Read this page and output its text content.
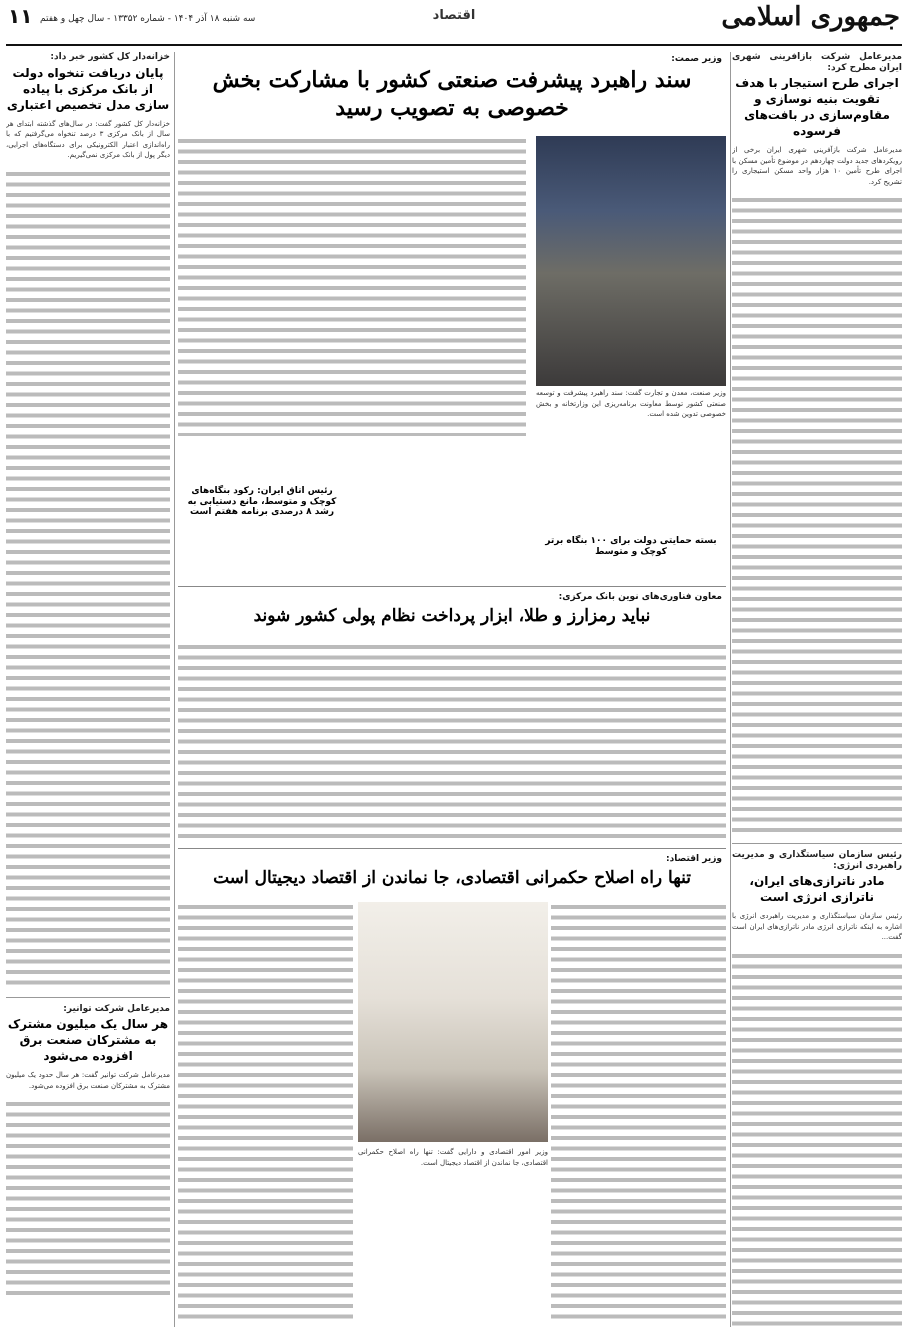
جمهوری اسلامی
اقتصاد
سه شنبه ۱۸ آذر ۱۴۰۴ - شماره ۱۳۳۵۲ - سال چهل و هفتم
۱۱
مدیرعامل شرکت بازآفرینی شهری ایران مطرح کرد:
اجرای طرح استیجار با هدف تقویت بنیه نوسازی و مقاوم‌سازی در بافت‌های فرسوده
مدیرعامل شرکت بازآفرینی شهری ایران برخی از رویکردهای جدید دولت چهاردهم در موضوع تأمین مسکن با اجرای طرح تأمین ۱۰ هزار واحد مسکن استیجاری را تشریح کرد.
رئیس سازمان سیاستگذاری و مدیریت راهبردی انرژی:
مادر ناترازی‌های ایران، ناترازی انرژی است
رئیس سازمان سیاستگذاری و مدیریت راهبردی انرژی با اشاره به اینکه ناترازی انرژی مادر ناترازی‌های ایران است گفت...
خزانه‌دار کل کشور خبر داد:
پایان دریافت تنخواه دولت از بانک مرکزی با پیاده سازی مدل تخصیص اعتباری
خزانه‌دار کل کشور گفت: در سال‌های گذشته ابتدای هر سال از بانک مرکزی ۳ درصد تنخواه می‌گرفتیم که با راه‌اندازی اعتبار الکترونیکی برای دستگاه‌های اجرایی، دیگر پول از بانک مرکزی نمی‌گیریم.
مدیرعامل شرکت توانیر:
هر سال یک میلیون مشترک به مشترکان صنعت برق افزوده می‌شود
مدیرعامل شرکت توانیر گفت: هر سال حدود یک میلیون مشترک به مشترکان صنعت برق افزوده می‌شود.
وزیر صمت:
سند راهبرد پیشرفت صنعتی کشور با مشارکت بخش خصوصی به تصویب رسید
وزیر صنعت، معدن و تجارت گفت: سند راهبرد پیشرفت و توسعه صنعتی کشور توسط معاونت برنامه‌ریزی این وزارتخانه و بخش خصوصی تدوین شده است.
بسته حمایتی دولت برای ۱۰۰ بنگاه برتر کوچک و متوسط
رئیس اتاق ایران: رکود بنگاه‌های کوچک و متوسط، مانع دستیابی به رشد ۸ درصدی برنامه هفتم است
معاون فناوری‌های نوین بانک مرکزی:
نباید رمزارز و طلا، ابزار پرداخت نظام پولی کشور شوند
وزیر اقتصاد:
تنها راه اصلاح حکمرانی اقتصادی، جا نماندن از اقتصاد دیجیتال است
وزیر امور اقتصادی و دارایی گفت: تنها راه اصلاح حکمرانی اقتصادی، جا نماندن از اقتصاد دیجیتال است.
